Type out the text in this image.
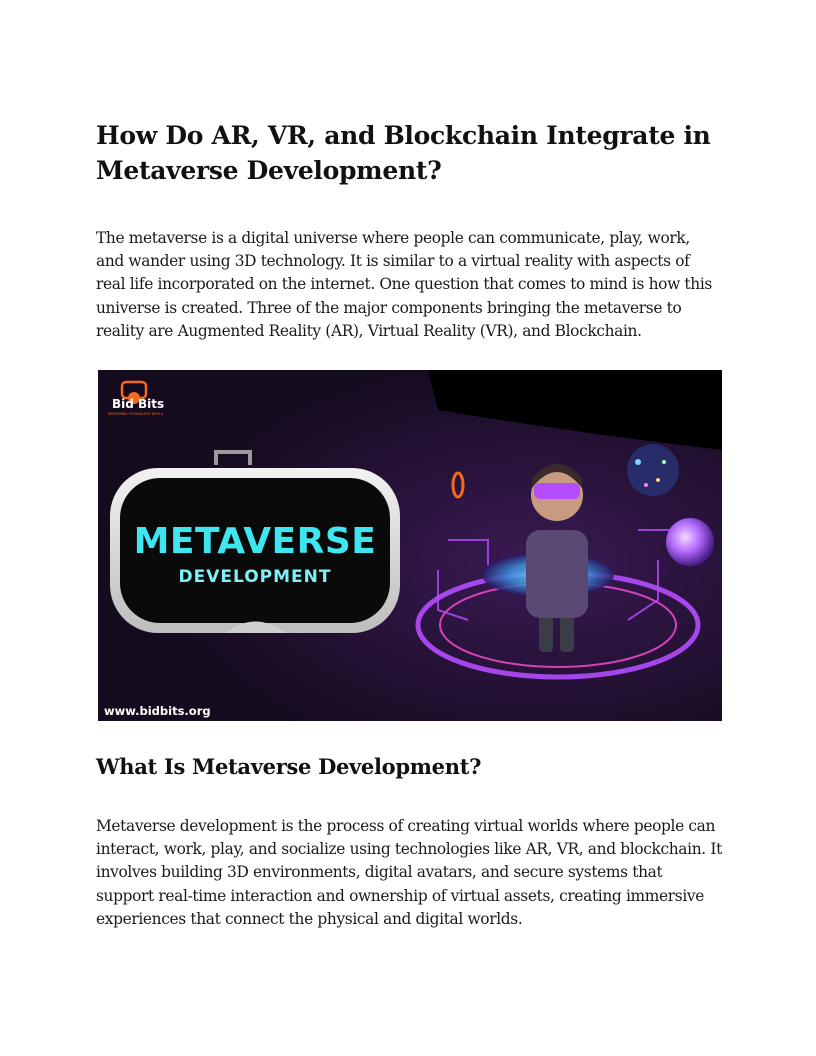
How Do AR, VR, and Blockchain Integrate in Metaverse Development?

The metaverse is a digital universe where people can communicate, play, work, and wander using 3D technology. It is similar to a virtual reality with aspects of real life incorporated on the internet. One question that comes to mind is how this universe is created. Three of the major components bringing the metaverse to reality are Augmented Reality (AR), Virtual Reality (VR), and Blockchain.

Bid Bits
REDEFINING TECHNOLOGY WITH A
METAVERSE
DEVELOPMENT
www.bidbits.org
What Is Metaverse Development?

Metaverse development is the process of creating virtual worlds where people can interact, work, play, and socialize using technologies like AR, VR, and blockchain. It involves building 3D environments, digital avatars, and secure systems that support real-time interaction and ownership of virtual assets, creating immersive experiences that connect the physical and digital worlds.
